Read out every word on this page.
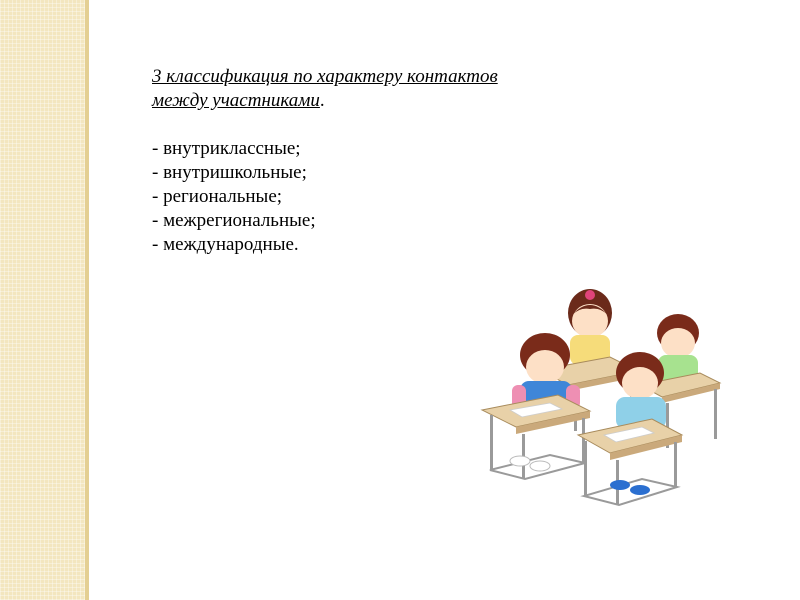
3 классификация по характеру контактов
между участниками.

- внутриклассные;
- внутришкольные;
- региональные;
- межрегиональные;
- международные.
